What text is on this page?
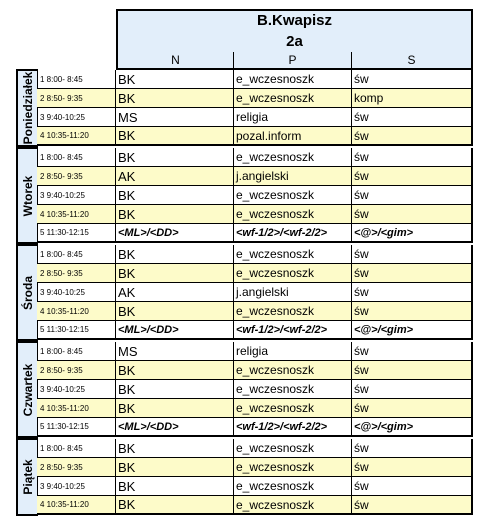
B.Kwapisz
2a
N	P	S
Poniedziałek 1 8:00- 8:45	BK	e_wczesnoszk	św
2 8:50- 9:35	BK	e_wczesnoszk	komp
3 9:40-10:25	MS	religia	św
4 10:35-11:20	BK	pozal.inform	św
Wtorek
1 8:00- 8:45	BK	e_wczesnoszk	św
2 8:50- 9:35	AK	j.angielski	św
3 9:40-10:25	BK	e_wczesnoszk	św
4 10:35-11:20	BK	e_wczesnoszk	św
5 11:30-12:15	<ML>/<DD>	<wf-1/2>/<wf-2/2>	<@>/<gim>
Środa
1 8:00- 8:45	BK	e_wczesnoszk	św
2 8:50- 9:35	BK	e_wczesnoszk	św
3 9:40-10:25	AK	j.angielski	św
4 10:35-11:20	BK	e_wczesnoszk	św
5 11:30-12:15	<ML>/<DD>	<wf-1/2>/<wf-2/2>	<@>/<gim>
Czwartek
1 8:00- 8:45	MS	religia	św
2 8:50- 9:35	BK	e_wczesnoszk	św
3 9:40-10:25	BK	e_wczesnoszk	św
4 10:35-11:20	BK	e_wczesnoszk	św
5 11:30-12:15	<ML>/<DD>	<wf-1/2>/<wf-2/2>	<@>/<gim>
Piątek
1 8:00- 8:45	BK	e_wczesnoszk	św
2 8:50- 9:35	BK	e_wczesnoszk	św
3 9:40-10:25	BK	e_wczesnoszk	św
4 10:35-11:20	BK	e_wczesnoszk	św
